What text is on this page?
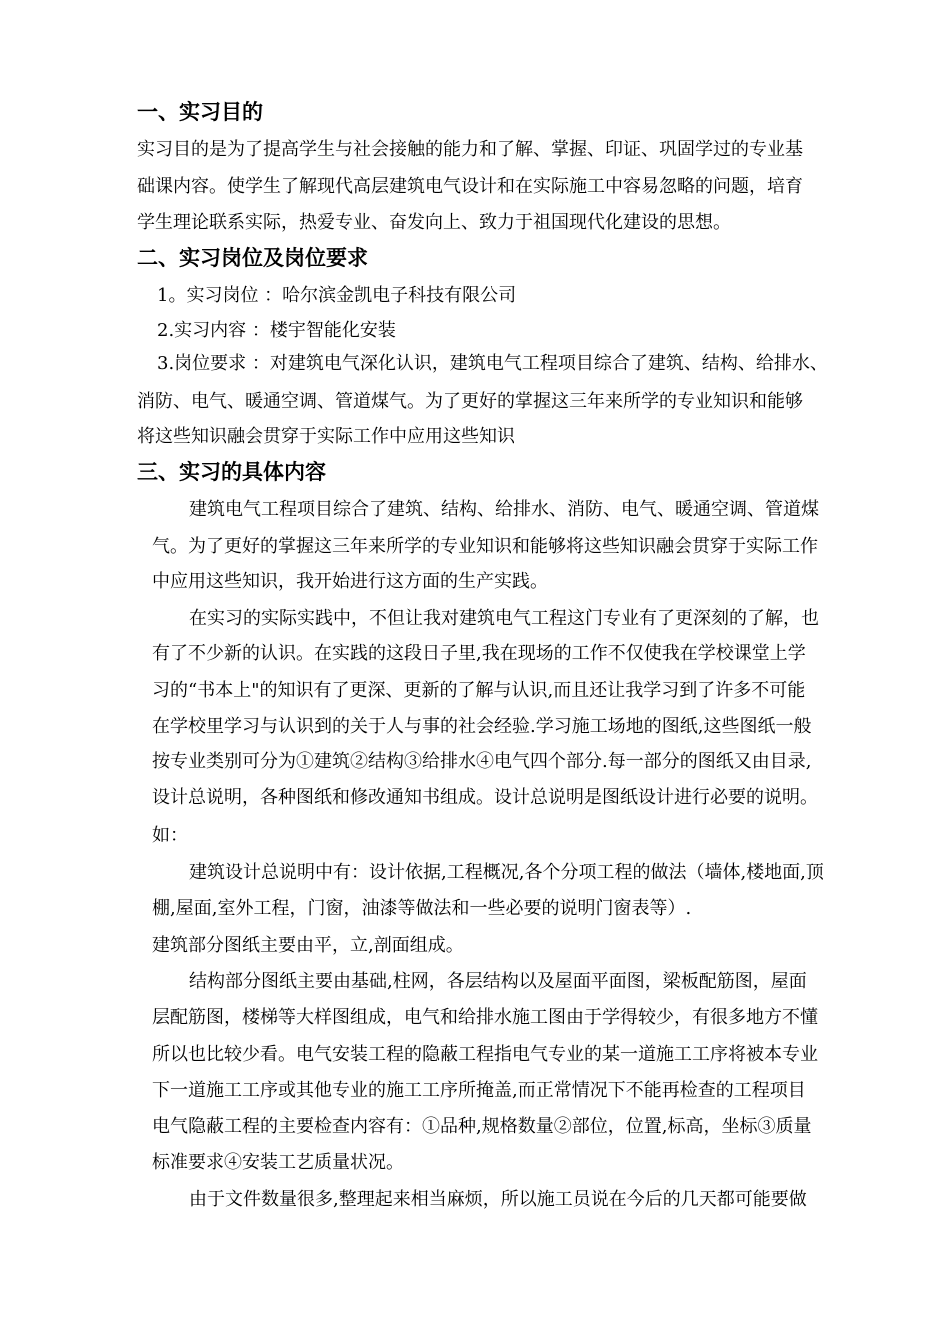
一、实习目的
实习目的是为了提高学生与社会接触的能力和了解、掌握、印证、巩固学过的专业基
础课内容。使学生了解现代高层建筑电气设计和在实际施工中容易忽略的问题，培育
学生理论联系实际，热爱专业、奋发向上、致力于祖国现代化建设的思想。
二、实习岗位及岗位要求
1。实习岗位 ：哈尔滨金凯电子科技有限公司
2.实习内容 ：楼宇智能化安装
3.岗位要求 ：对建筑电气深化认识，建筑电气工程项目综合了建筑、结构、给排水、
消防、电气、暖通空调、管道煤气。为了更好的掌握这三年来所学的专业知识和能够
将这些知识融会贯穿于实际工作中应用这些知识
三、实习的具体内容
建筑电气工程项目综合了建筑、结构、给排水、消防、电气、暖通空调、管道煤
气。为了更好的掌握这三年来所学的专业知识和能够将这些知识融会贯穿于实际工作
中应用这些知识，我开始进行这方面的生产实践。
在实习的实际实践中，不但让我对建筑电气工程这门专业有了更深刻的了解，也
有了不少新的认识。在实践的这段日子里,我在现场的工作不仅使我在学校课堂上学
习的“书本上"的知识有了更深、更新的了解与认识,而且还让我学习到了许多不可能
在学校里学习与认识到的关于人与事的社会经验.学习施工场地的图纸,这些图纸一般
按专业类别可分为①建筑②结构③给排水④电气四个部分.每一部分的图纸又由目录,
设计总说明，各种图纸和修改通知书组成。设计总说明是图纸设计进行必要的说明。
如：
建筑设计总说明中有：设计依据,工程概况,各个分项工程的做法（墙体,楼地面,顶
棚,屋面,室外工程，门窗，油漆等做法和一些必要的说明门窗表等）.
建筑部分图纸主要由平，立,剖面组成。
结构部分图纸主要由基础,柱网，各层结构以及屋面平面图，梁板配筋图，屋面
层配筋图，楼梯等大样图组成，电气和给排水施工图由于学得较少，有很多地方不懂
所以也比较少看。电气安装工程的隐蔽工程指电气专业的某一道施工工序将被本专业
下一道施工工序或其他专业的施工工序所掩盖,而正常情况下不能再检查的工程项目
电气隐蔽工程的主要检查内容有：①品种,规格数量②部位，位置,标高，坐标③质量
标准要求④安装工艺质量状况。
由于文件数量很多,整理起来相当麻烦，所以施工员说在今后的几天都可能要做
